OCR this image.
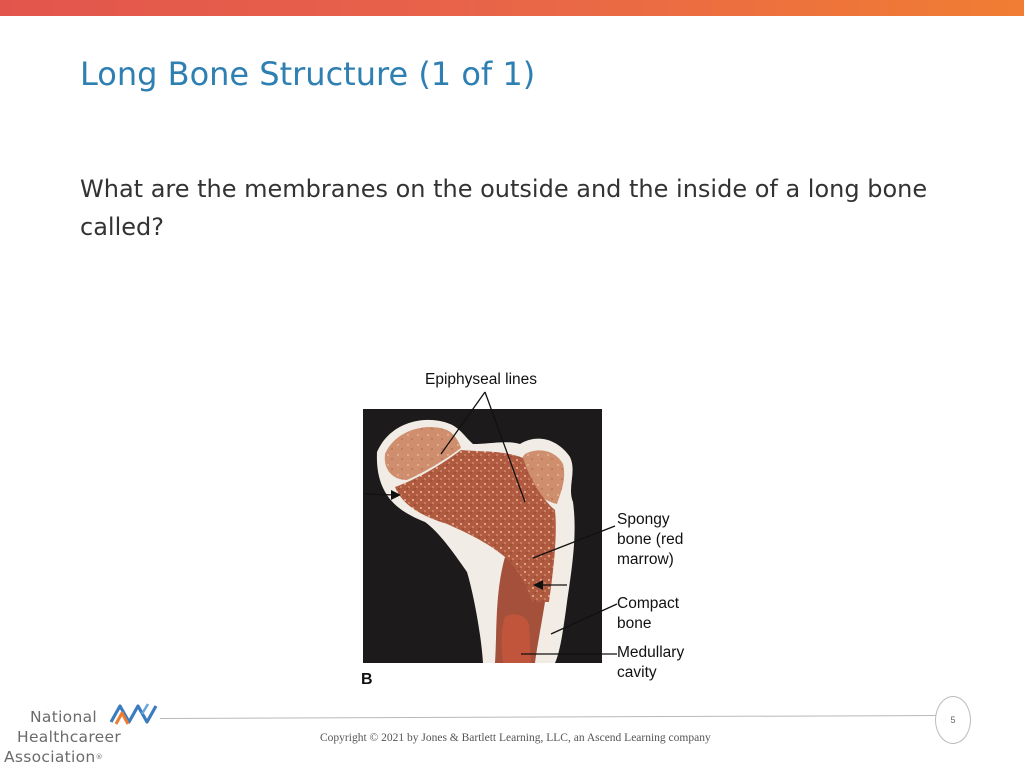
Long Bone Structure (1 of 1)

What are the membranes on the outside and the inside of a long bone called?

Epiphyseal lines
Spongy
bone (red
marrow)
Compact
bone
Medullary
cavity
B
National
Healthcareer
Association®
5
Copyright © 2021 by Jones & Bartlett Learning, LLC, an Ascend Learning company
